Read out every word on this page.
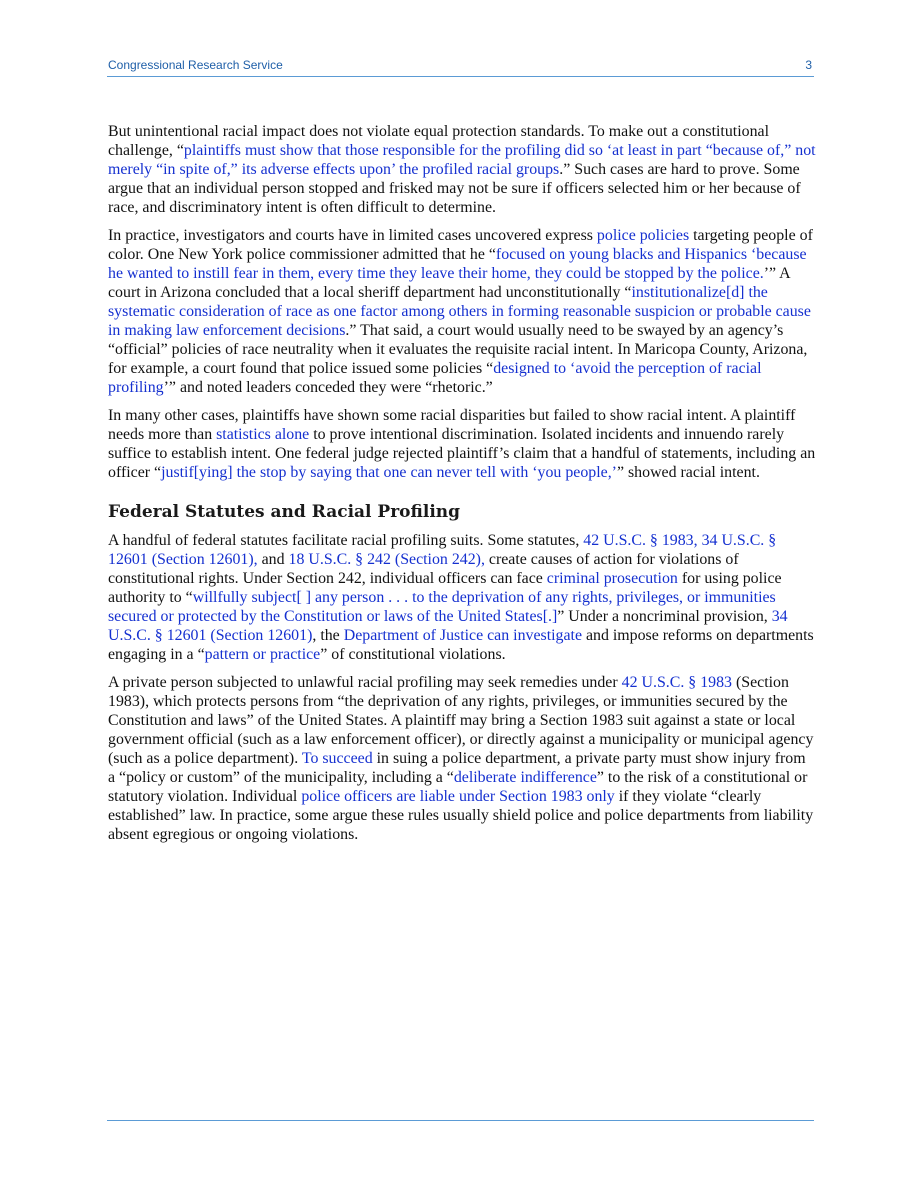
Congressional Research Service	3

But unintentional racial impact does not violate equal protection standards. To make out a constitutional challenge, “plaintiffs must show that those responsible for the profiling did so ‘at least in part “because of,” not merely “in spite of,” its adverse effects upon’ the profiled racial groups.” Such cases are hard to prove. Some argue that an individual person stopped and frisked may not be sure if officers selected him or her because of race, and discriminatory intent is often difficult to determine.

In practice, investigators and courts have in limited cases uncovered express police policies targeting people of color. One New York police commissioner admitted that he “focused on young blacks and Hispanics ‘because he wanted to instill fear in them, every time they leave their home, they could be stopped by the police.’” A court in Arizona concluded that a local sheriff department had unconstitutionally “institutionalize[d] the systematic consideration of race as one factor among others in forming reasonable suspicion or probable cause in making law enforcement decisions.” That said, a court would usually need to be swayed by an agency’s “official” policies of race neutrality when it evaluates the requisite racial intent. In Maricopa County, Arizona, for example, a court found that police issued some policies “designed to ‘avoid the perception of racial profiling’” and noted leaders conceded they were “rhetoric.”

In many other cases, plaintiffs have shown some racial disparities but failed to show racial intent. A plaintiff needs more than statistics alone to prove intentional discrimination. Isolated incidents and innuendo rarely suffice to establish intent. One federal judge rejected plaintiff’s claim that a handful of statements, including an officer “justif[ying] the stop by saying that one can never tell with ‘you people,’” showed racial intent.

Federal Statutes and Racial Profiling

A handful of federal statutes facilitate racial profiling suits. Some statutes, 42 U.S.C. § 1983, 34 U.S.C. § 12601 (Section 12601), and 18 U.S.C. § 242 (Section 242), create causes of action for violations of constitutional rights. Under Section 242, individual officers can face criminal prosecution for using police authority to “willfully subject[ ] any person . . . to the deprivation of any rights, privileges, or immunities secured or protected by the Constitution or laws of the United States[.]” Under a noncriminal provision, 34 U.S.C. § 12601 (Section 12601), the Department of Justice can investigate and impose reforms on departments engaging in a “pattern or practice” of constitutional violations.

A private person subjected to unlawful racial profiling may seek remedies under 42 U.S.C. § 1983 (Section 1983), which protects persons from “the deprivation of any rights, privileges, or immunities secured by the Constitution and laws” of the United States. A plaintiff may bring a Section 1983 suit against a state or local government official (such as a law enforcement officer), or directly against a municipality or municipal agency (such as a police department). To succeed in suing a police department, a private party must show injury from a “policy or custom” of the municipality, including a “deliberate indifference” to the risk of a constitutional or statutory violation. Individual police officers are liable under Section 1983 only if they violate “clearly established” law. In practice, some argue these rules usually shield police and police departments from liability absent egregious or ongoing violations.
